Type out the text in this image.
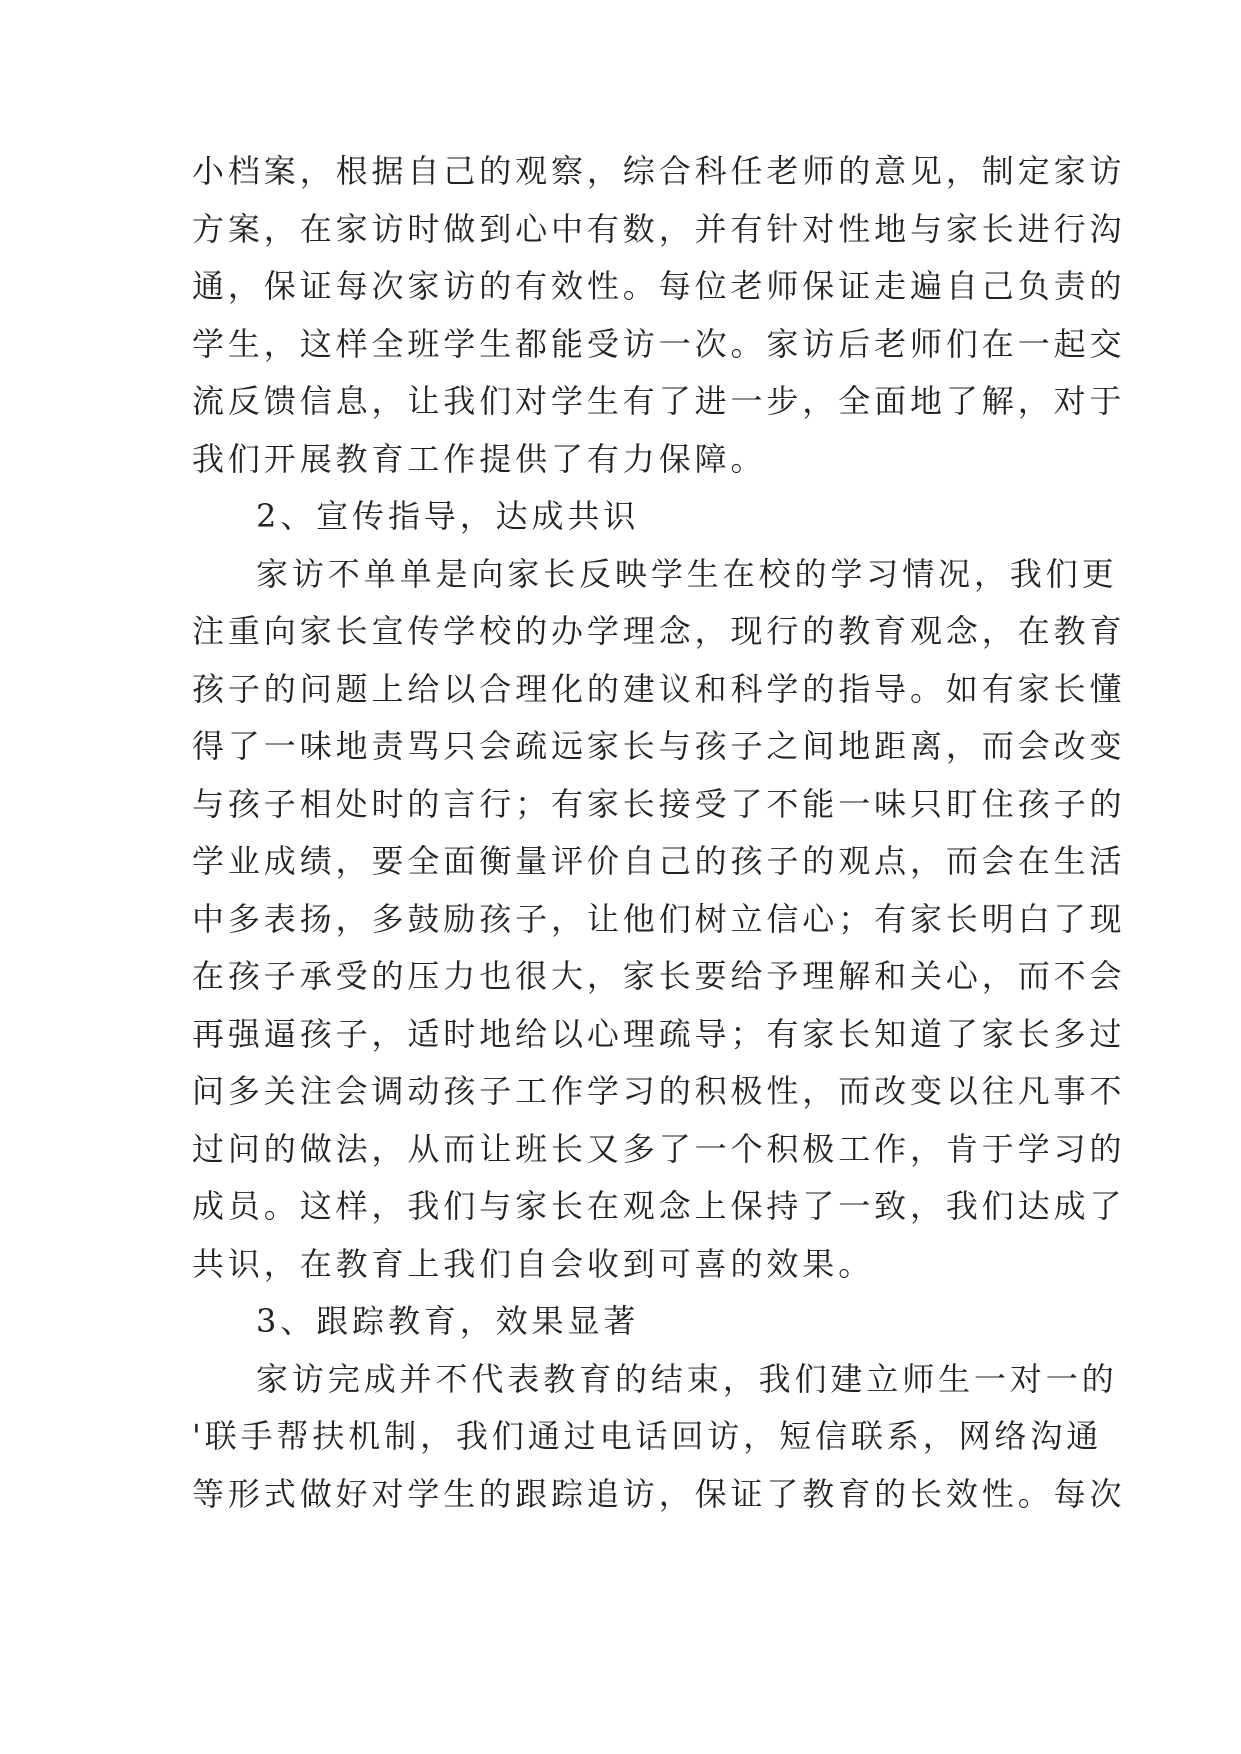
小档案，根据自己的观察，综合科任老师的意见，制定家访
方案，在家访时做到心中有数，并有针对性地与家长进行沟
通，保证每次家访的有效性。每位老师保证走遍自己负责的
学生，这样全班学生都能受访一次。家访后老师们在一起交
流反馈信息，让我们对学生有了进一步，全面地了解，对于
我们开展教育工作提供了有力保障。
2、宣传指导，达成共识
家访不单单是向家长反映学生在校的学习情况，我们更
注重向家长宣传学校的办学理念，现行的教育观念，在教育
孩子的问题上给以合理化的建议和科学的指导。如有家长懂
得了一味地责骂只会疏远家长与孩子之间地距离，而会改变
与孩子相处时的言行；有家长接受了不能一味只盯住孩子的
学业成绩，要全面衡量评价自己的孩子的观点，而会在生活
中多表扬，多鼓励孩子，让他们树立信心；有家长明白了现
在孩子承受的压力也很大，家长要给予理解和关心，而不会
再强逼孩子，适时地给以心理疏导；有家长知道了家长多过
问多关注会调动孩子工作学习的积极性，而改变以往凡事不
过问的做法，从而让班长又多了一个积极工作，肯于学习的
成员。这样，我们与家长在观念上保持了一致，我们达成了
共识，在教育上我们自会收到可喜的效果。
3、跟踪教育，效果显著
家访完成并不代表教育的结束，我们建立师生一对一的
'联手帮扶机制，我们通过电话回访，短信联系，网络沟通
等形式做好对学生的跟踪追访，保证了教育的长效性。每次
